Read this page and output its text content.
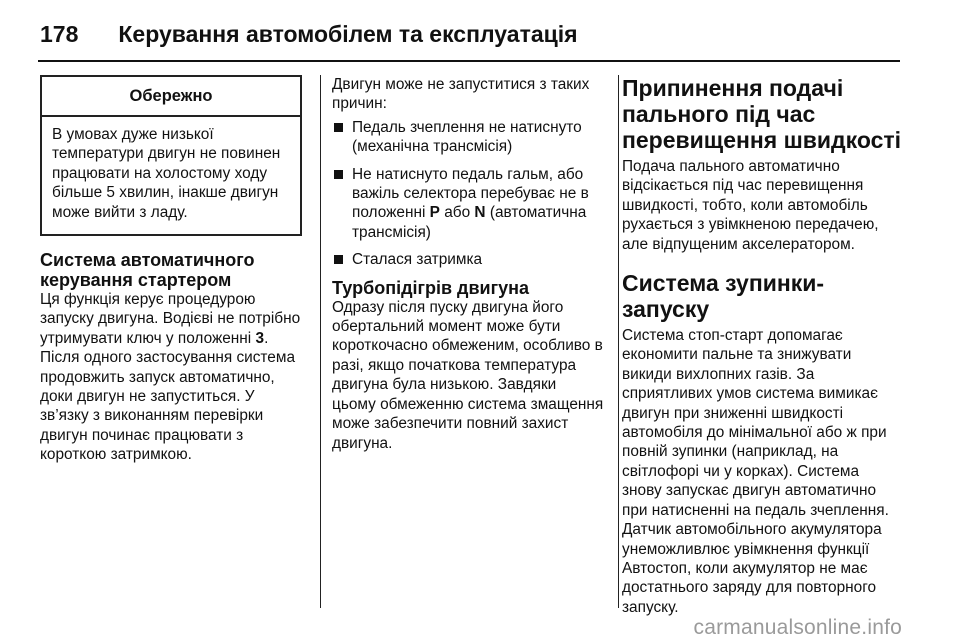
178 Керування автомобілем та експлуатація
Обережно
В умовах дуже низької температури двигун не повинен працювати на холостому ходу більше 5 хвилин, інакше двигун може вийти з ладу.
Система автоматичного керування стартером

Ця функція керує процедурою запуску двигуна. Водієві не потрібно утримувати ключ у положенні 3. Після одного застосування система продовжить запуск автоматично, доки двигун не запуститься. У зв’язку з виконанням перевірки двигун починає працювати з короткою затримкою.

Двигун може не запуститися з таких причин:

Педаль зчеплення не натиснуто (механічна трансмісія)
Не натиснуто педаль гальм, або важіль селектора перебуває не в положенні P або N (автоматична трансмісія)
Сталася затримка
Турбопідігрів двигуна

Одразу після пуску двигуна його обертальний момент може бути короткочасно обмеженим, особливо в разі, якщо початкова температура двигуна була низькою. Завдяки цьому обмеженню система змащення може забезпечити повний захист двигуна.

Припинення подачі пального під час перевищення швидкості

Подача пального автоматично відсікається під час перевищення швидкості, тобто, коли автомобіль рухається з увімкненою передачею, але відпущеним акселератором.

Система зупинки-запуску

Система стоп-старт допомагає економити пальне та знижувати викиди вихлопних газів. За сприятливих умов система вимикає двигун при зниженні швидкості автомобіля до мінімальної або ж при повній зупинки (наприклад, на світлофорі чи у корках). Система знову запускає двигун автоматично при натисненні на педаль зчеплення. Датчик автомобільного акумулятора унеможливлює увімкнення функції Автостоп, коли акумулятор не має достатнього заряду для повторного запуску.

carmanualsonline.info
